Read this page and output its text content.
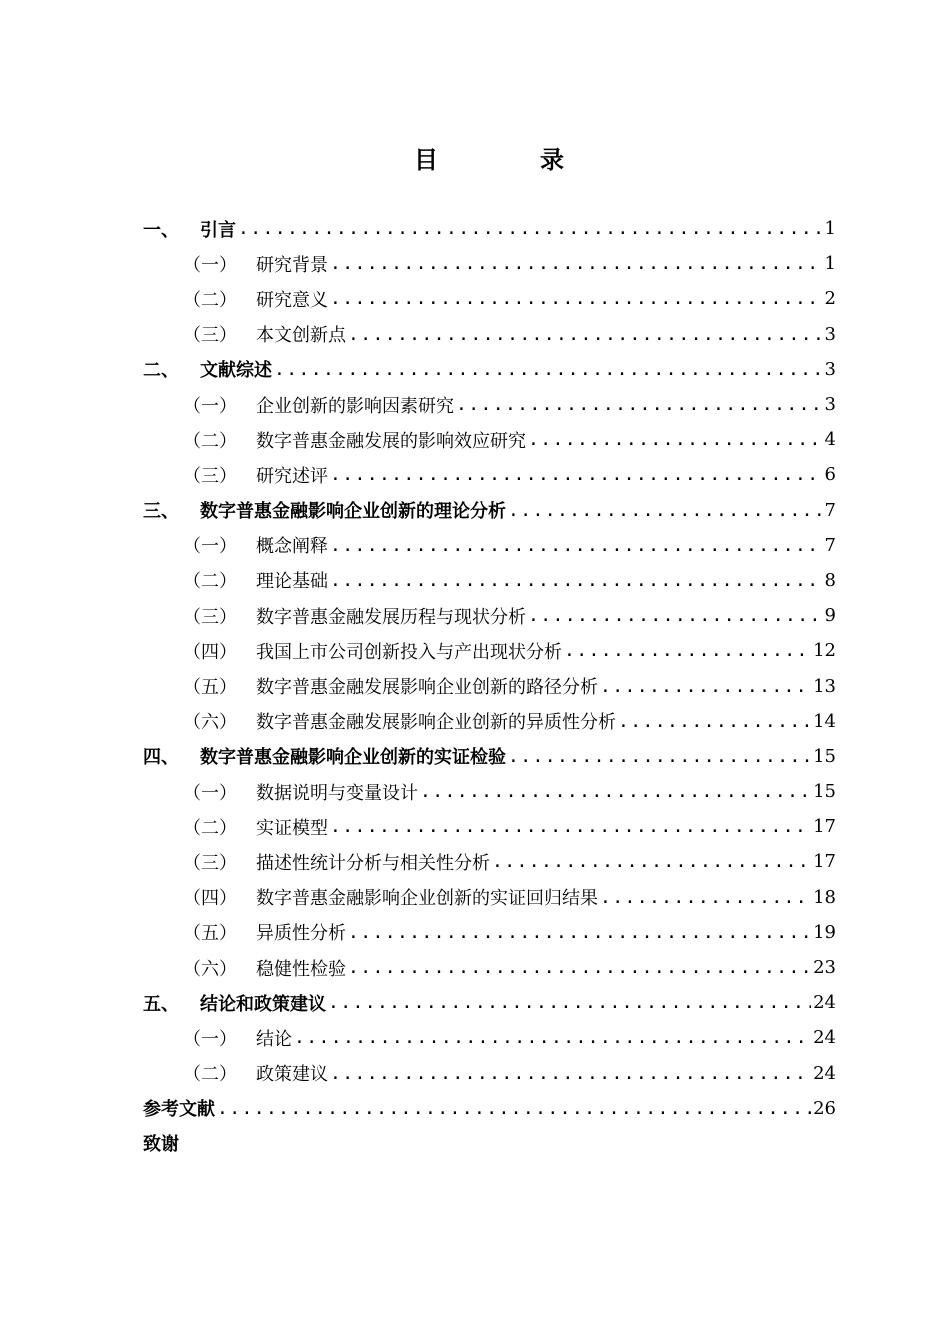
目	录
一、	引言 .....	1
（一）	研究背景 .....	1
（二）	研究意义 .....	2
（三）	本文创新点 .....	3
二、	文献综述 .....	3
（一）	企业创新的影响因素研究 .....	3
（二）	数字普惠金融发展的影响效应研究 .....	4
（三）	研究述评 .....	6
三、	数字普惠金融影响企业创新的理论分析 .....	7
（一）	概念阐释 .....	7
（二）	理论基础 .....	8
（三）	数字普惠金融发展历程与现状分析 .....	9
（四）	我国上市公司创新投入与产出现状分析 .....	12
（五）	数字普惠金融发展影响企业创新的路径分析 .....	13
（六）	数字普惠金融发展影响企业创新的异质性分析 .....	14
四、	数字普惠金融影响企业创新的实证检验 .....	15
（一）	数据说明与变量设计 .....	15
（二）	实证模型 .....	17
（三）	描述性统计分析与相关性分析 .....	17
（四）	数字普惠金融影响企业创新的实证回归结果 .....	18
（五）	异质性分析 .....	19
（六）	稳健性检验 .....	23
五、	结论和政策建议 .....	24
（一）	结论 .....	24
（二）	政策建议 .....	24
参考文献 .....	26
致谢
